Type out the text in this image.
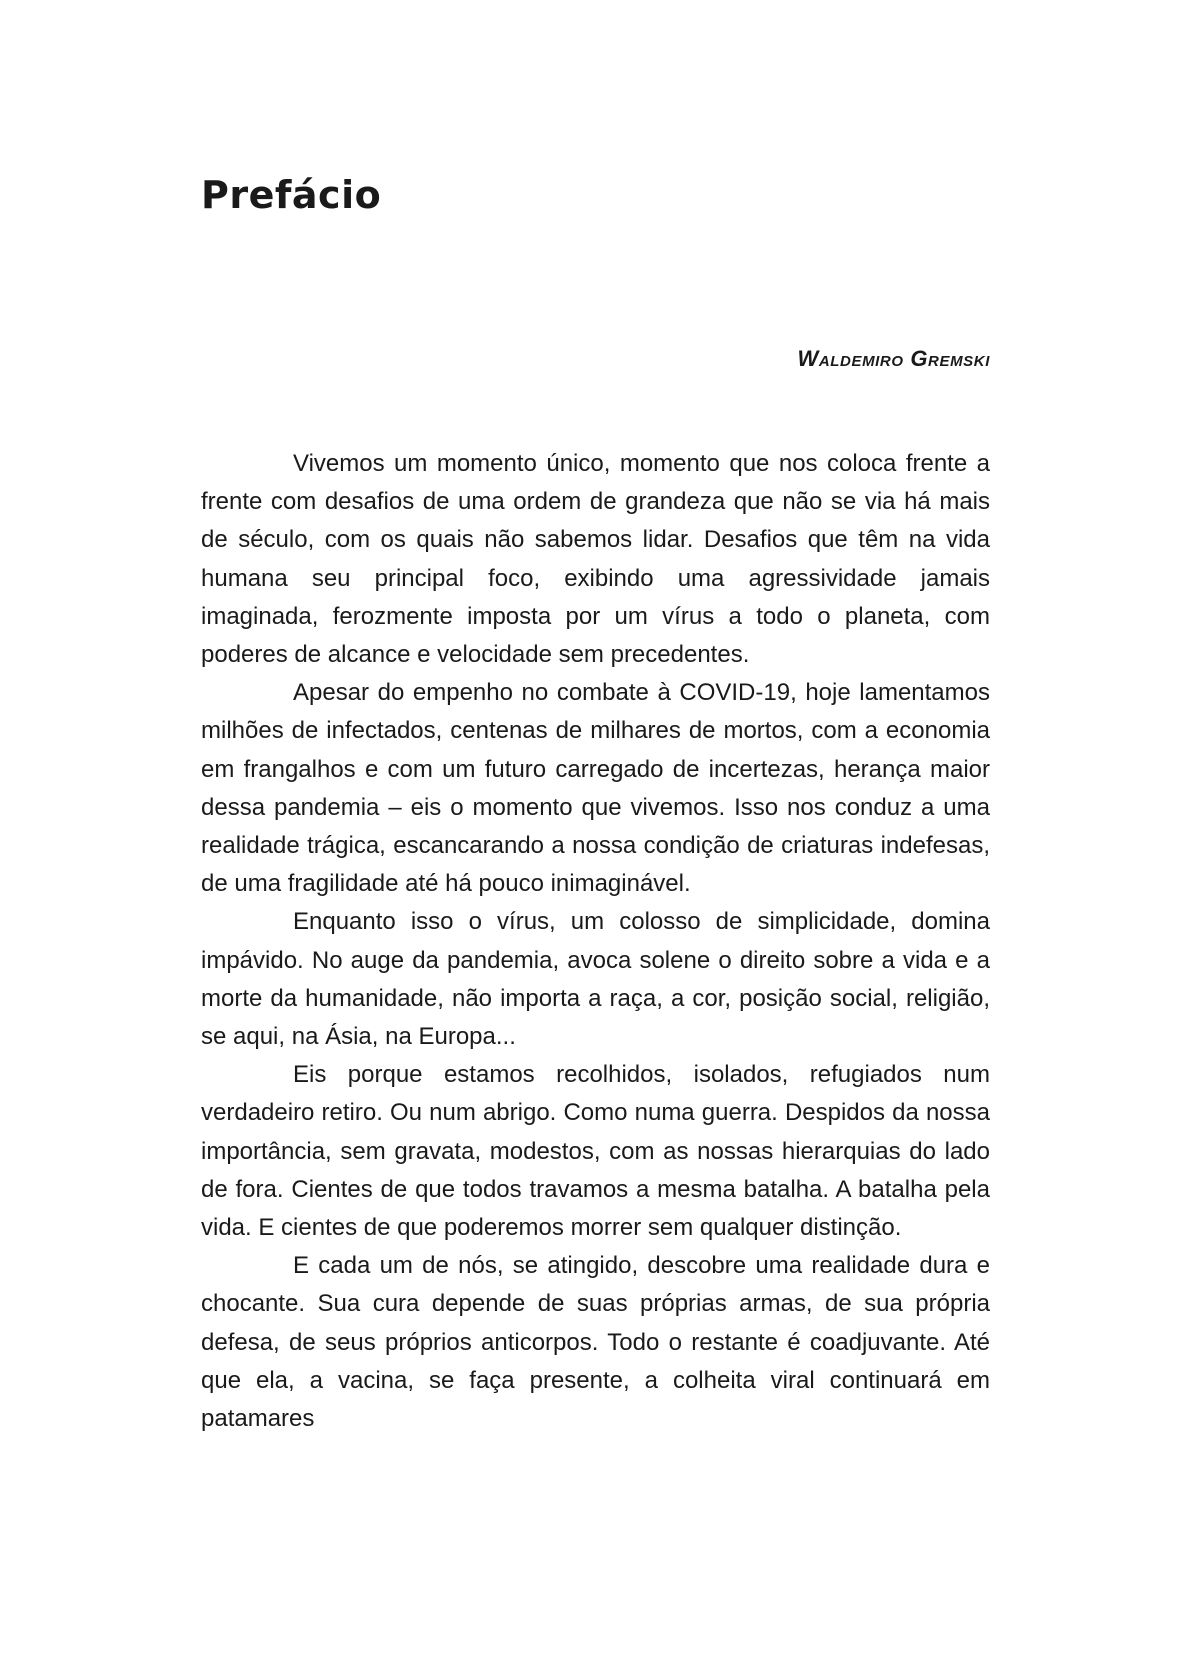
Prefácio
Waldemiro Gremski

Vivemos um momento único, momento que nos coloca frente a frente com desafios de uma ordem de grandeza que não se via há mais de século, com os quais não sabemos lidar. Desafios que têm na vida humana seu principal foco, exibindo uma agressividade jamais imaginada, ferozmente imposta por um vírus a todo o planeta, com poderes de alcance e velocidade sem precedentes.

Apesar do empenho no combate à COVID-19, hoje lamentamos milhões de infectados, centenas de milhares de mortos, com a economia em frangalhos e com um futuro carregado de incertezas, herança maior dessa pandemia – eis o momento que vivemos. Isso nos conduz a uma realidade trágica, escancarando a nossa condição de criaturas indefesas, de uma fragilidade até há pouco inimaginável.

Enquanto isso o vírus, um colosso de simplicidade, domina impávido. No auge da pandemia, avoca solene o direito sobre a vida e a morte da humanidade, não importa a raça, a cor, posição social, religião, se aqui, na Ásia, na Europa...

Eis porque estamos recolhidos, isolados, refugiados num verdadeiro retiro. Ou num abrigo. Como numa guerra. Despidos da nossa importância, sem gravata, modestos, com as nossas hierarquias do lado de fora. Cientes de que todos travamos a mesma batalha. A batalha pela vida. E cientes de que poderemos morrer sem qualquer distinção.

E cada um de nós, se atingido, descobre uma realidade dura e chocante. Sua cura depende de suas próprias armas, de sua própria defesa, de seus próprios anticorpos. Todo o restante é coadjuvante. Até que ela, a vacina, se faça presente, a colheita viral continuará em patamares
